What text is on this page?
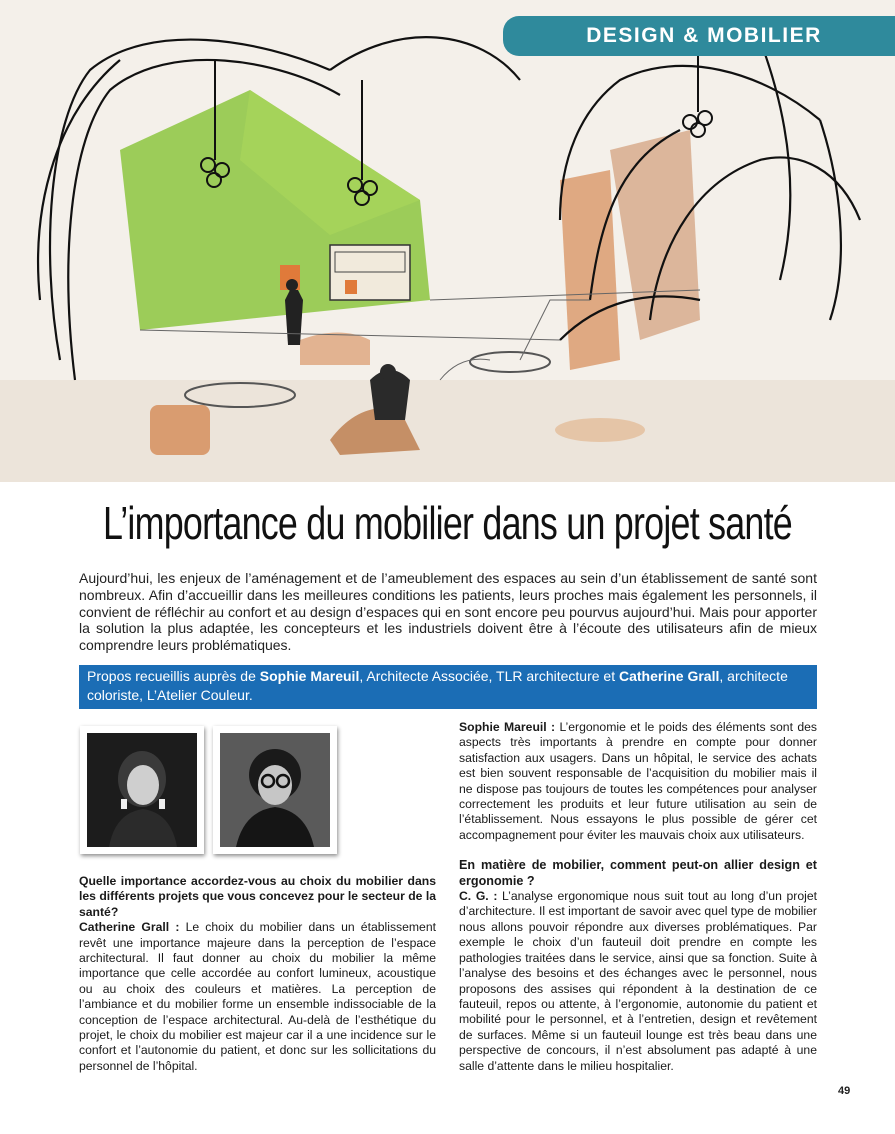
DESIGN & MOBILIER
L’importance du mobilier dans un projet santé
Aujourd’hui, les enjeux de l’aménagement et de l’ameublement des espaces au sein d’un établissement de santé sont nombreux. Afin d’accueillir dans les meilleures conditions les patients, leurs proches mais également les personnels, il convient de réfléchir au confort et au design d’espaces qui en sont encore peu pourvus aujourd’hui. Mais pour apporter la solution la plus adaptée, les concepteurs et les industriels doivent être à l’écoute des utilisateurs afin de mieux comprendre leurs problématiques.
Propos recueillis auprès de Sophie Mareuil, Architecte Associée, TLR architecture et Catherine Grall, architecte coloriste, L’Atelier Couleur.

Quelle importance accordez-vous au choix du mobilier dans les différents projets que vous concevez pour le secteur de la santé?

Catherine Grall : Le choix du mobilier dans un établissement revêt une importance majeure dans la perception de l’espace architectural. Il faut donner au choix du mobilier la même importance que celle accordée au confort lumineux, acoustique ou au choix des couleurs et matières. La perception de l’ambiance et du mobilier forme un ensemble indissociable de la conception de l’espace architectural. Au-delà de l’esthétique du projet, le choix du mobilier est majeur car il a une incidence sur le confort et l’autonomie du patient, et donc sur les sollicitations du personnel de l’hôpital.

Sophie Mareuil : L’ergonomie et le poids des éléments sont des aspects très importants à prendre en compte pour donner satisfaction aux usagers. Dans un hôpital, le service des achats est bien souvent responsable de l’acquisition du mobilier mais il ne dispose pas toujours de toutes les compétences pour analyser correctement les produits et leur future utilisation au sein de l’établissement. Nous essayons le plus possible de gérer cet accompagnement pour éviter les mauvais choix aux utilisateurs.

En matière de mobilier, comment peut-on allier design et ergonomie ?

C. G. : L’analyse ergonomique nous suit tout au long d’un projet d’architecture. Il est important de savoir avec quel type de mobilier nous allons pouvoir répondre aux diverses problématiques. Par exemple le choix d’un fauteuil doit prendre en compte les pathologies traitées dans le service, ainsi que sa fonction. Suite à l’analyse des besoins et des échanges avec le personnel, nous proposons des assises qui répondent à la destination de ce fauteuil, repos ou attente, à l’ergonomie, autonomie du patient et mobilité pour le personnel, et à l’entretien, design et revêtement de surfaces. Même si un fauteuil lounge est très beau dans une perspective de concours, il n’est absolument pas adapté à une salle d’attente dans le milieu hospitalier.

49
